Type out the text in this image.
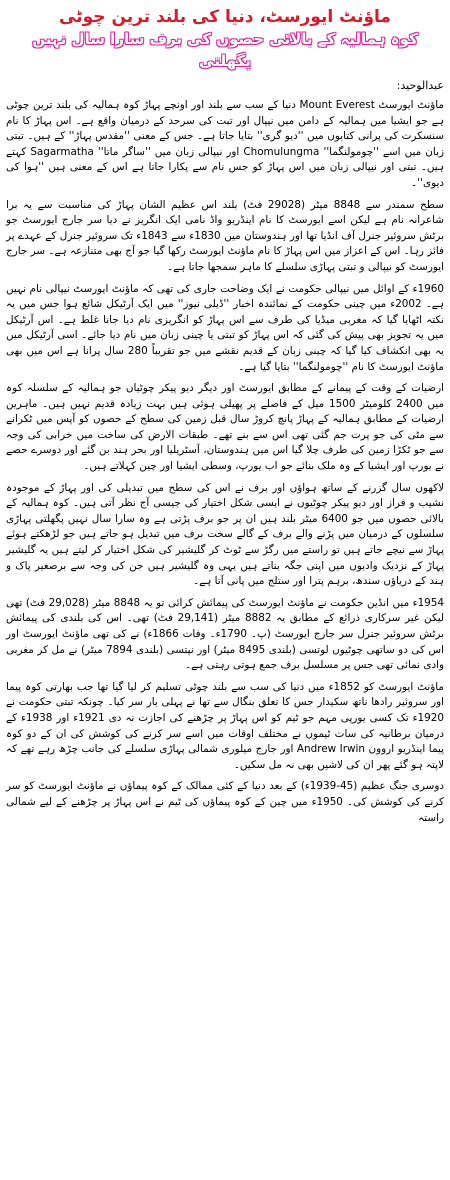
ماؤنٹ ایورسٹ، دنیا کی بلند ترین چوٹی
کوہ ہمالیہ کے بالائی حصوں کی برف سارا سال نہیں پگھلتی

عبدالوحید:

ماؤنٹ ایورسٹ Mount Everest دنیا کے سب سے بلند اور اونچے پہاڑ کوہ ہمالیہ کی بلند ترین چوٹی ہے جو ایشیا میں ہمالیہ کے دامن میں نیپال اور تبت کی سرحد کے درمیان واقع ہے۔ اس پہاڑ کا نام سنسکرت کی پرانی کتابوں میں ''دیو گری'' بتایا جاتا ہے۔ جس کے معنی ''مقدس پہاڑ'' کے ہیں۔ تبتی زبان میں اسے ''چومولنگما'' Chomulungma اور نیپالی زبان میں ''ساگر ماتا'' Sagarmatha کہتے ہیں۔ تبتی اور نیپالی زبان میں اس پہاڑ کو جس نام سے پکارا جاتا ہے اس کے معنی ہیں ''ہوا کی دیوی''۔

سطح سمندر سے 8848 میٹر (29028 فٹ) بلند اس عظیم الشان پہاڑ کی مناسبت سے یہ برا شاعرانہ نام ہے لیکن اسے ایورسٹ کا نام اینڈریو واڈ نامی ایک انگریز نے دیا سر جارج ایورسٹ جو برٹش سروئیر جنرل آف انڈیا تھا اور ہندوستان میں 1830ء سے 1843ء تک سروئیر جنرل کے عہدے پر فائز رہا۔ اس کے اعزاز میں اس پہاڑ کا نام ماؤنٹ ایورسٹ رکھا گیا جو آج بھی متنازعہ ہے۔ سر جارج ایورسٹ کو نیپالی و تبتی پہاڑی سلسلے کا ماہر سمجھا جاتا ہے۔

1960ء کے اوائل میں نیپالی حکومت نے ایک وضاحت جاری کی تھی کہ ماؤنٹ ایورسٹ نیپالی نام نہیں ہے۔ 2002ء میں چینی حکومت کے نمائندہ اخبار ''ڈیلی نیوز'' میں ایک آرٹیکل شائع ہوا جس میں یہ نکتہ اٹھایا گیا کہ مغربی میڈیا کی طرف سے اس پہاڑ کو انگریزی نام دیا جانا غلط ہے۔ اس آرٹیکل میں یہ تجویز بھی پیش کی گئی کہ اس پہاڑ کو تبتی یا چینی زبان میں نام دیا جائے۔ اسی آرٹیکل میں یہ بھی انکشاف کیا گیا کہ چینی زبان کے قدیم نقشے میں جو تقریباً 280 سال پرانا ہے اس میں بھی ماؤنٹ ایورسٹ کا نام ''چومولنگما'' بتایا گیا ہے۔

ارضیات کے وقت کے پیمانے کے مطابق ایورسٹ اور دیگر دیو پیکر چوٹیاں جو ہمالیہ کے سلسلہ کوہ میں 2400 کلومیٹر 1500 میل کے فاصلے پر پھیلی ہوئی ہیں بہت زیادہ قدیم نہیں ہیں۔ ماہرین ارضیات کے مطابق ہمالیہ کے پہاڑ پانچ کروڑ سال قبل زمین کی سطح کے حصوں کو آپس میں ٹکرانے سے مٹی کی جو پرت جم گئی تھی اس سے بنے تھے۔ طبقات الارض کی ساخت میں خرابی کی وجہ سے جو ٹکڑا زمین کی طرف چلا گیا اس میں ہندوستان، آسٹریلیا اور بحر ہند بن گئے اور دوسرے حصے نے یورپ اور ایشیا کے وہ ملک بنائے جو اب یورپ، وسطی ایشیا اور چین کہلاتے ہیں۔

لاکھوں سال گزرنے کے ساتھ ہواؤں اور برف نے اس کی سطح میں تبدیلی کی اور پہاڑ کے موجودہ نشیب و فراز اور دیو پیکر چوٹیوں نے ایسی شکل اختیار کی جیسی آج نظر آتی ہیں۔ کوہ ہمالیہ کے بالائی حصوں میں جو 6400 میٹر بلند ہیں ان پر جو برف پڑتی ہے وہ سارا سال نہیں پگھلتی پہاڑی سلسلوں کے درمیان میں پڑنے والے برف کے گالے سخت برف میں تبدیل ہو جاتے ہیں جو لڑھکتے ہوئے پہاڑ سے نیچے جاتے ہیں تو راستے میں رگڑ سے ٹوٹ کر گلیشیر کی شکل اختیار کر لیتے ہیں یہ گلیشیر پہاڑ کے نزدیک وادیوں میں اپنی جگہ بناتے ہیں یہی وہ گلیشیر ہیں جن کی وجہ سے برصغیر پاک و ہند کے دریاؤں سندھ، برہم پترا اور ستلج میں پانی آتا ہے۔

1954ء میں انڈین حکومت نے ماؤنٹ ایورسٹ کی پیمائش کرائی تو یہ 8848 میٹر (29,028 فٹ) تھی لیکن غیر سرکاری ذرائع کے مطابق یہ 8882 میٹر (29,141 فٹ) تھی۔ اس کی بلندی کی پیمائش برٹش سروئیر جنرل سر جارج ایورسٹ (پ۔ 1790ء۔ وفات 1866ء) نے کی تھی ماؤنٹ ایورسٹ اور اس کی دو ساتھی چوٹیوں لوتسی (بلندی 8495 میٹر) اور نپتسی (بلندی 7894 میٹر) نے مل کر مغربی وادی نمائی تھی جس پر مسلسل برف جمع ہوتی رہتی ہے۔

ماؤنٹ ایورسٹ کو 1852ء میں دنیا کی سب سے بلند چوٹی تسلیم کر لیا گیا تھا جب بھارتی کوہ پیما اور سروئیر رادھا ناتھ سکیدار جس کا تعلق بنگال سے تھا نے پہلی بار سر کیا۔ چونکہ تبتی حکومت نے 1920ء تک کسی یورپی مہم جو ٹیم کو اس پہاڑ پر چڑھنے کی اجازت نہ دی 1921ء اور 1938ء کے درمیان برطانیہ کی سات ٹیموں نے مختلف اوقات میں اسے سر کرنے کی کوشش کی ان کے دو کوہ پیما اینڈریو اروون Andrew Irwin اور جارج میلوری شمالی پہاڑی سلسلے کی جانب چڑھ رہے تھے کہ لاپتہ ہو گئے پھر ان کی لاشیں بھی نہ مل سکیں۔

دوسری جنگ عظیم (45-1939ء) کے بعد دنیا کے کئی ممالک کے کوہ پیماؤں نے ماؤنٹ ایورسٹ کو سر کرنے کی کوشش کی۔ 1950ء میں چین کے کوہ پیماؤں کی ٹیم نے اس پہاڑ پر چڑھنے کے لیے شمالی راستہ
